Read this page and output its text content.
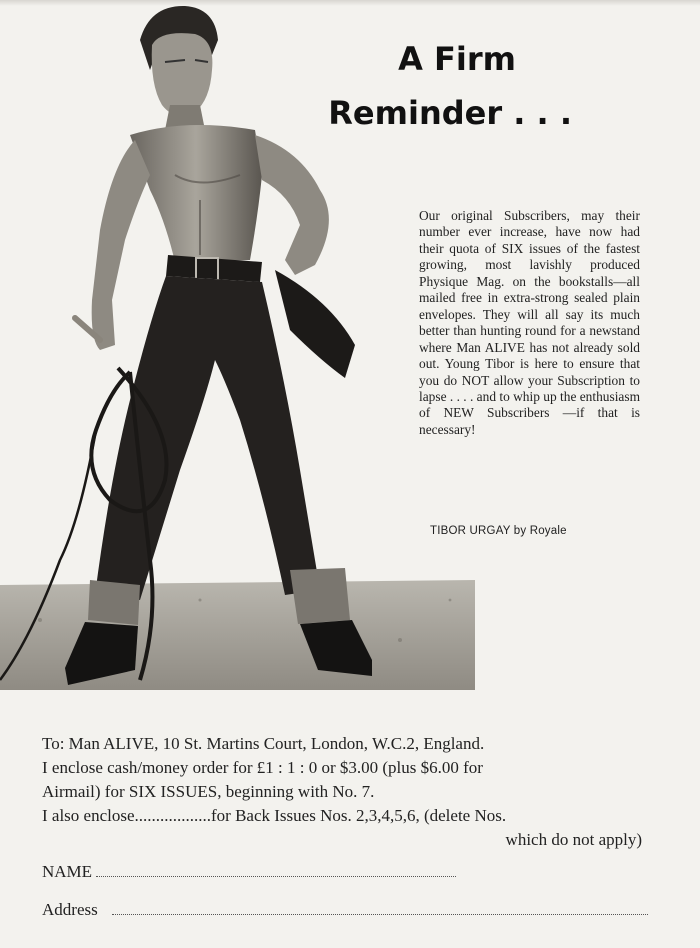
A Firm
Reminder . . .
Our original Subscribers, may their number ever increase, have now had their quota of SIX issues of the fastest growing, most lavishly produced Physique Mag. on the bookstalls—all mailed free in extra-strong sealed plain envelopes. They will all say its much better than hunting round for a newstand where Man ALIVE has not already sold out. Young Tibor is here to ensure that you do NOT allow your Subscription to lapse . . . . and to whip up the enthusiasm of NEW Subscribers —if that is necessary!
TIBOR URGAY by Royale
To: Man ALIVE, 10 St. Martins Court, London, W.C.2, England.
I enclose cash/money order for £1 : 1 : 0 or $3.00 (plus $6.00 for
Airmail) for SIX ISSUES, beginning with No. 7.
I also enclose..................for Back Issues Nos. 2,3,4,5,6, (delete Nos.
which do not apply)
NAME
Address
